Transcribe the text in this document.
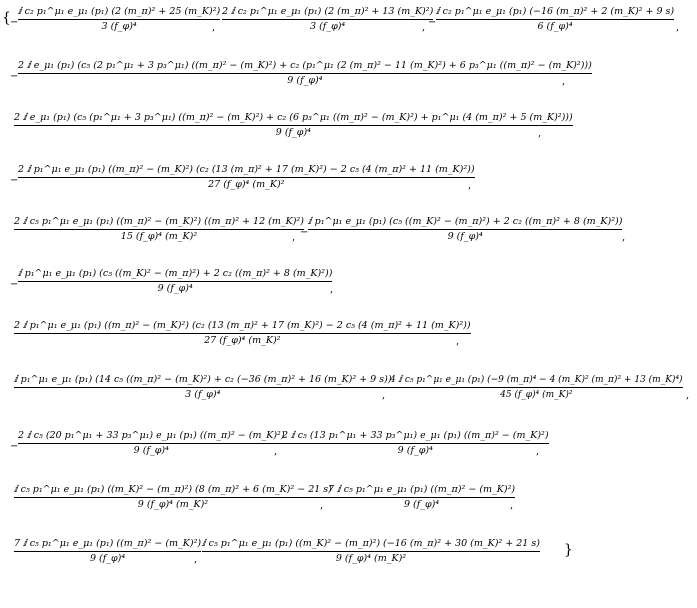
{ −
ⅈ c₂ p₁^μ₁ e_μ₁ (p₁) (2 (m_π)² + 25 (m_K)²)
3 (f_φ)⁴	,
2 ⅈ c₂ p₁^μ₁ e_μ₁ (p₁) (2 (m_π)² + 13 (m_K)²)
3 (f_φ)⁴	, −
ⅈ c₂ p₁^μ₁ e_μ₁ (p₁) (−16 (m_π)² + 2 (m_K)² + 9 s)
6 (f_φ)⁴	,
−
2 ⅈ e_μ₁ (p₁) (c₅ (2 p₁^μ₁ + 3 p₃^μ₁) ((m_π)² − (m_K)²) + c₂ (p₁^μ₁ (2 (m_π)² − 11 (m_K)²) + 6 p₃^μ₁ ((m_π)² − (m_K)²)))
9 (f_φ)⁴	,
2 ⅈ e_μ₁ (p₁) (c₅ (p₁^μ₁ + 3 p₃^μ₁) ((m_π)² − (m_K)²) + c₂ (6 p₃^μ₁ ((m_π)² − (m_K)²) + p₁^μ₁ (4 (m_π)² + 5 (m_K)²)))
9 (f_φ)⁴	,
−
2 ⅈ p₁^μ₁ e_μ₁ (p₁) ((m_π)² − (m_K)²) (c₂ (13 (m_π)² + 17 (m_K)²) − 2 c₅ (4 (m_π)² + 11 (m_K)²))
27 (f_φ)⁴ (m_K)²	,
2 ⅈ c₅ p₁^μ₁ e_μ₁ (p₁) ((m_π)² − (m_K)²) ((m_π)² + 12 (m_K)²)
15 (f_φ)⁴ (m_K)²	, −
ⅈ p₁^μ₁ e_μ₁ (p₁) (c₅ ((m_K)² − (m_π)²) + 2 c₂ ((m_π)² + 8 (m_K)²))
9 (f_φ)⁴	,
−
ⅈ p₁^μ₁ e_μ₁ (p₁) (c₅ ((m_K)² − (m_π)²) + 2 c₂ ((m_π)² + 8 (m_K)²))
9 (f_φ)⁴	,
2 ⅈ p₁^μ₁ e_μ₁ (p₁) ((m_π)² − (m_K)²) (c₂ (13 (m_π)² + 17 (m_K)²) − 2 c₅ (4 (m_π)² + 11 (m_K)²))
27 (f_φ)⁴ (m_K)²	,
ⅈ p₁^μ₁ e_μ₁ (p₁) (14 c₅ ((m_π)² − (m_K)²) + c₂ (−36 (m_π)² + 16 (m_K)² + 9 s))
3 (f_φ)⁴	,
4 ⅈ c₅ p₁^μ₁ e_μ₁ (p₁) (−9 (m_π)⁴ − 4 (m_K)² (m_π)² + 13 (m_K)⁴)
45 (f_φ)⁴ (m_K)²	,
−
2 ⅈ c₅ (20 p₁^μ₁ + 33 p₃^μ₁) e_μ₁ (p₁) ((m_π)² − (m_K)²)
9 (f_φ)⁴	,
2 ⅈ c₅ (13 p₁^μ₁ + 33 p₃^μ₁) e_μ₁ (p₁) ((m_π)² − (m_K)²)
9 (f_φ)⁴	,
ⅈ c₅ p₁^μ₁ e_μ₁ (p₁) ((m_K)² − (m_π)²) (8 (m_π)² + 6 (m_K)² − 21 s)
9 (f_φ)⁴ (m_K)²	,
7 ⅈ c₅ p₁^μ₁ e_μ₁ (p₁) ((m_π)² − (m_K)²)
9 (f_φ)⁴	,
7 ⅈ c₅ p₁^μ₁ e_μ₁ (p₁) ((m_π)² − (m_K)²)
9 (f_φ)⁴	,
ⅈ c₅ p₁^μ₁ e_μ₁ (p₁) ((m_K)² − (m_π)²) (−16 (m_π)² + 30 (m_K)² + 21 s)
9 (f_φ)⁴ (m_K)²
}
